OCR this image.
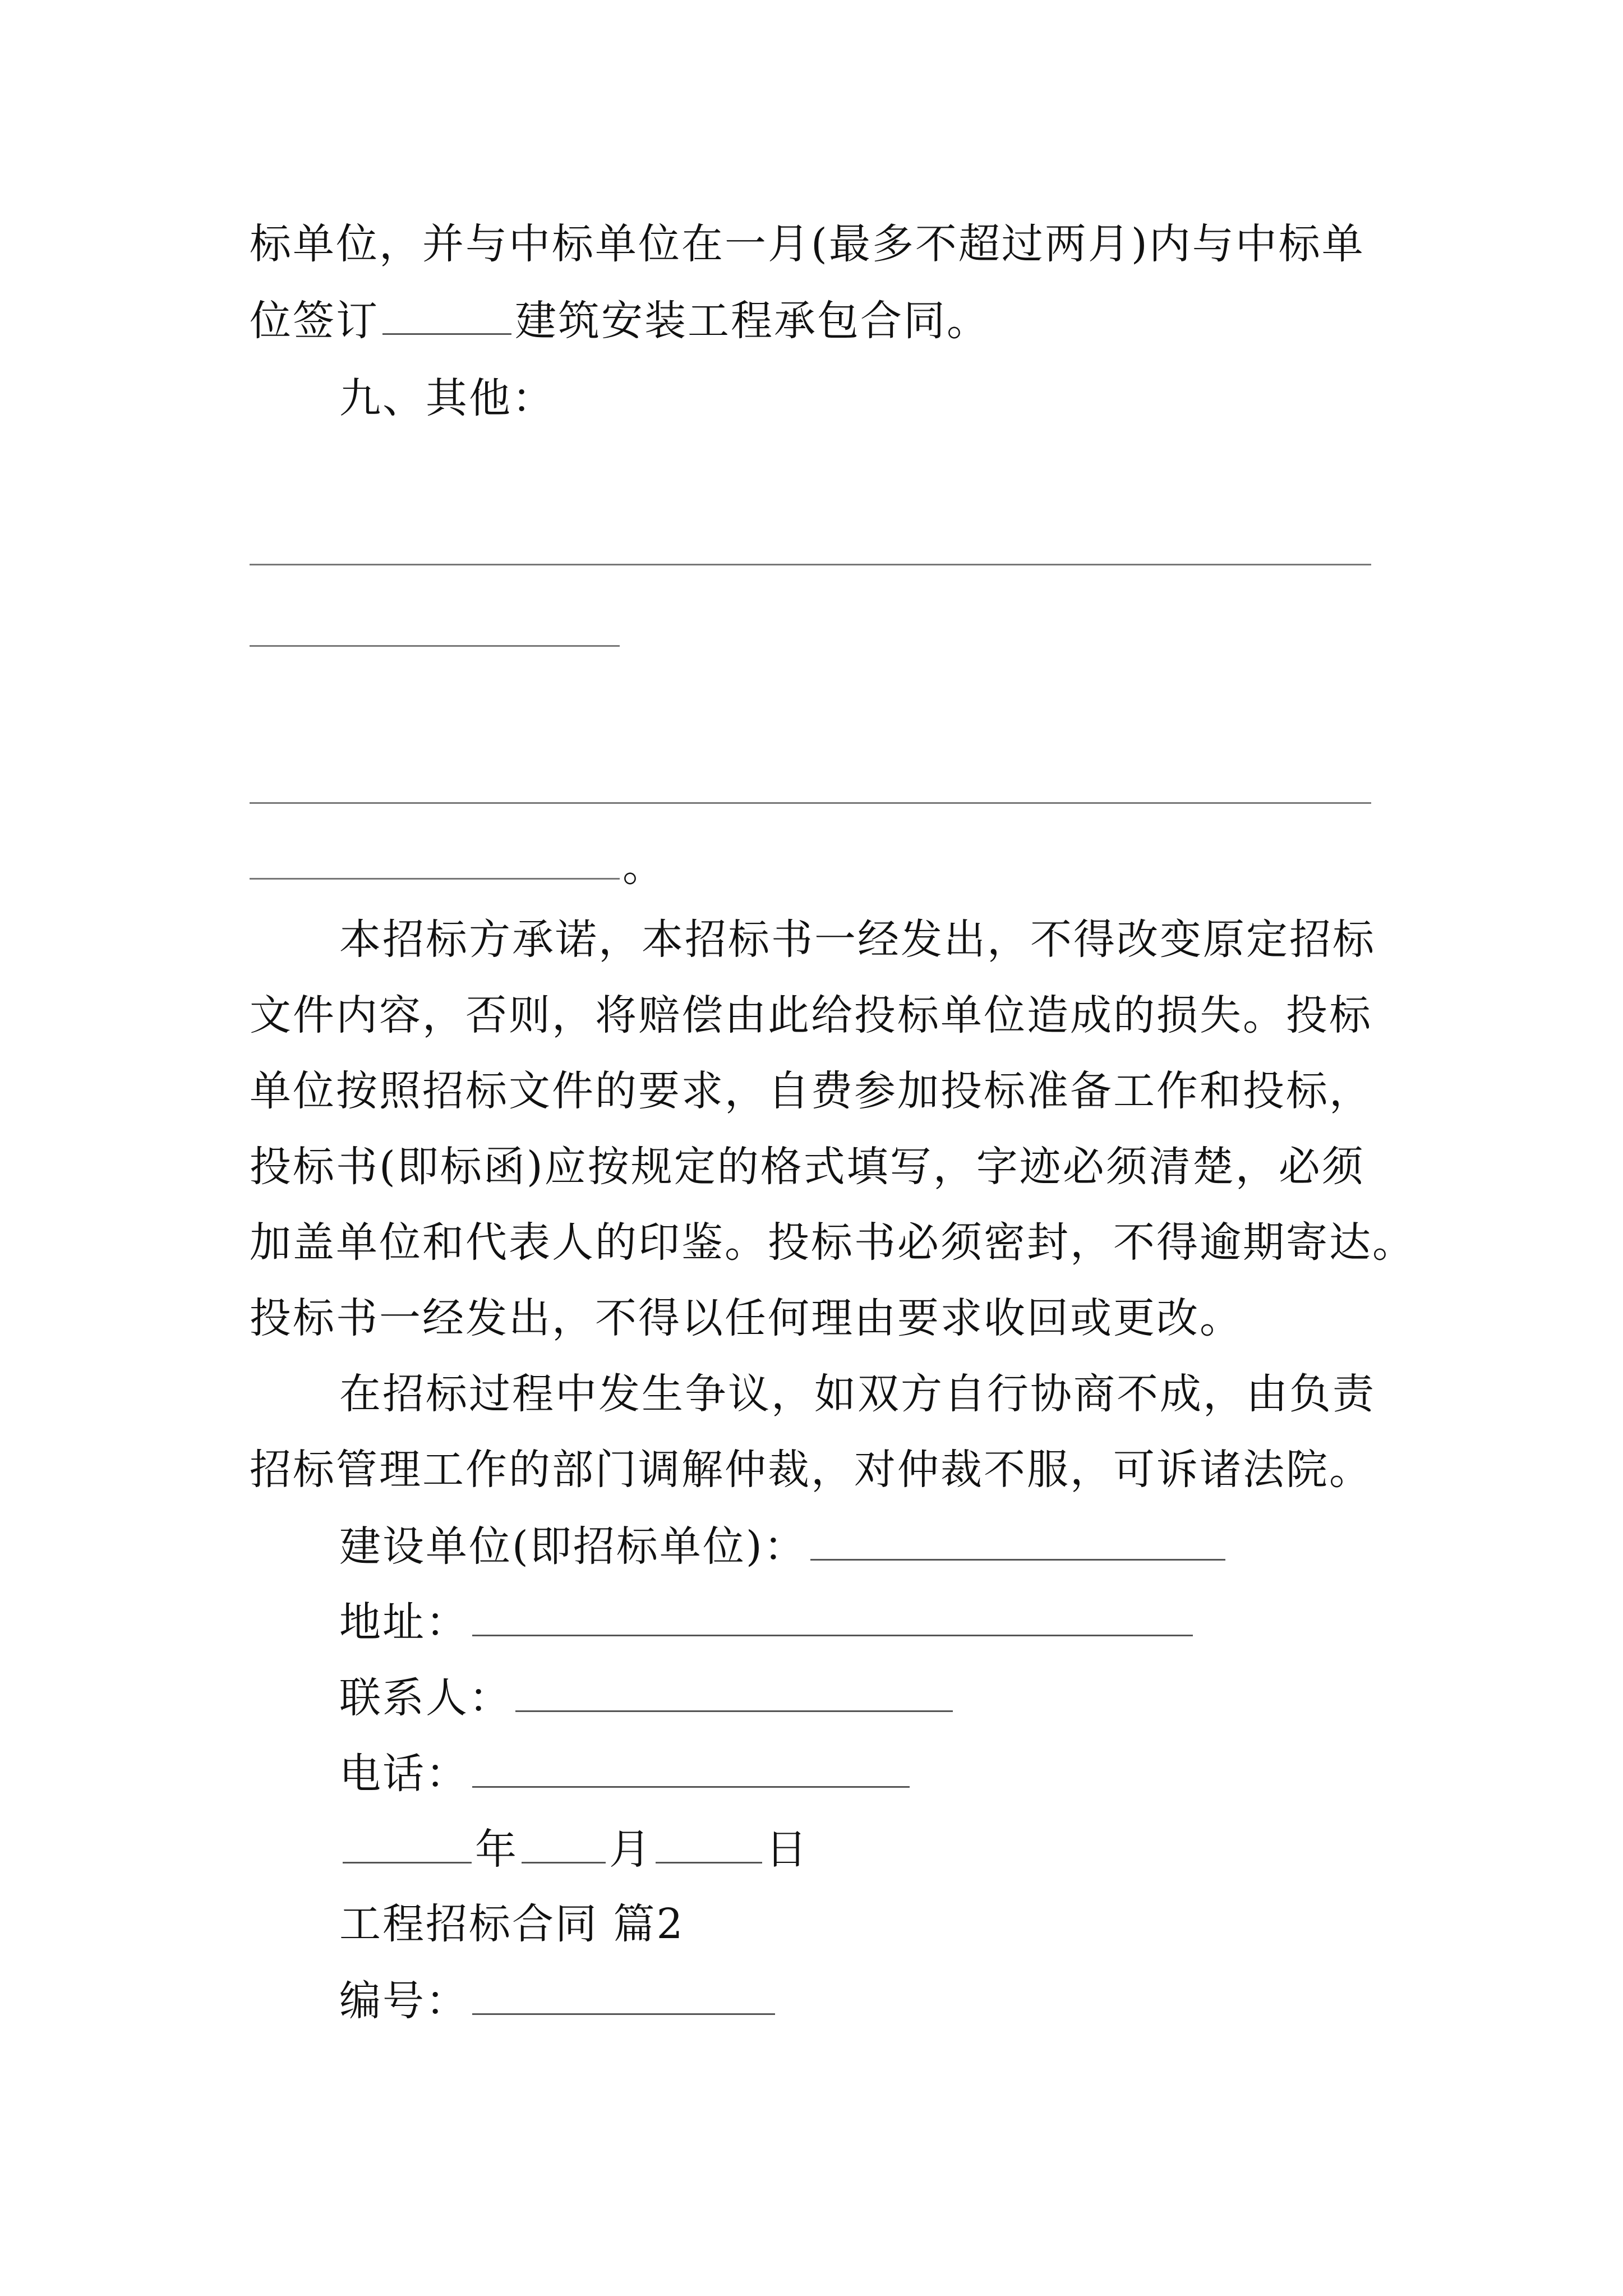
标单位，并与中标单位在一月(最多不超过两月)内与中标单
位签订	建筑安装工程承包合同。
九、其他：
。
本招标方承诺，本招标书一经发出，不得改变原定招标
文件内容，否则，将赔偿由此给投标单位造成的损失。投标
单位按照招标文件的要求，自费参加投标准备工作和投标，
投标书(即标函)应按规定的格式填写，字迹必须清楚，必须
加盖单位和代表人的印鉴。投标书必须密封，不得逾期寄达。
投标书一经发出，不得以任何理由要求收回或更改。
在招标过程中发生争议，如双方自行协商不成，由负责
招标管理工作的部门调解仲裁，对仲裁不服，可诉诸法院。
建设单位(即招标单位)：
地址：
联系人：
电话：
年 月	日
工程招标合同 篇2
编号：
